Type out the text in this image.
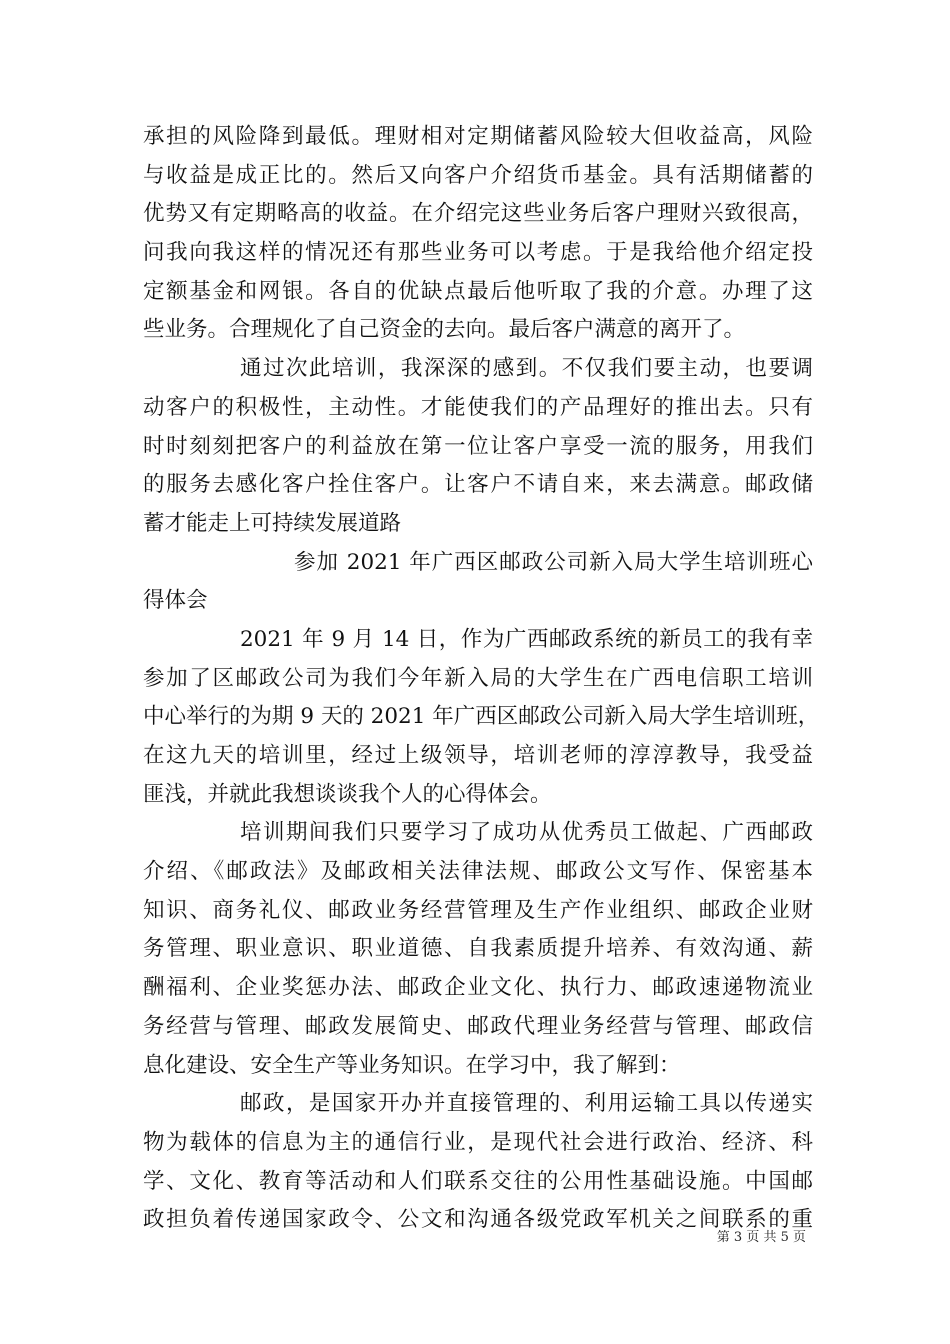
承担的风险降到最低。理财相对定期储蓄风险较大但收益高，风险
与收益是成正比的。然后又向客户介绍货币基金。具有活期储蓄的
优势又有定期略高的收益。在介绍完这些业务后客户理财兴致很高，
问我向我这样的情况还有那些业务可以考虑。于是我给他介绍定投
定额基金和网银。各自的优缺点最后他听取了我的介意。办理了这
些业务。合理规化了自己资金的去向。最后客户满意的离开了。
通过次此培训，我深深的感到。不仅我们要主动，也要调
动客户的积极性，主动性。才能使我们的产品理好的推出去。只有
时时刻刻把客户的利益放在第一位让客户享受一流的服务，用我们
的服务去感化客户拴住客户。让客户不请自来，来去满意。邮政储
蓄才能走上可持续发展道路
参加 2021 年广西区邮政公司新入局大学生培训班心
得体会
2021 年 9 月 14 日，作为广西邮政系统的新员工的我有幸
参加了区邮政公司为我们今年新入局的大学生在广西电信职工培训
中心举行的为期 9 天的 2021 年广西区邮政公司新入局大学生培训班，
在这九天的培训里，经过上级领导，培训老师的淳淳教导，我受益
匪浅，并就此我想谈谈我个人的心得体会。
培训期间我们只要学习了成功从优秀员工做起、广西邮政
介绍、《邮政法》及邮政相关法律法规、邮政公文写作、保密基本
知识、商务礼仪、邮政业务经营管理及生产作业组织、邮政企业财
务管理、职业意识、职业道德、自我素质提升培养、有效沟通、薪
酬福利、企业奖惩办法、邮政企业文化、执行力、邮政速递物流业
务经营与管理、邮政发展简史、邮政代理业务经营与管理、邮政信
息化建设、安全生产等业务知识。在学习中，我了解到：
邮政，是国家开办并直接管理的、利用运输工具以传递实
物为载体的信息为主的通信行业，是现代社会进行政治、经济、科
学、文化、教育等活动和人们联系交往的公用性基础设施。中国邮
政担负着传递国家政令、公文和沟通各级党政军机关之间联系的重
第 3 页 共 5 页
